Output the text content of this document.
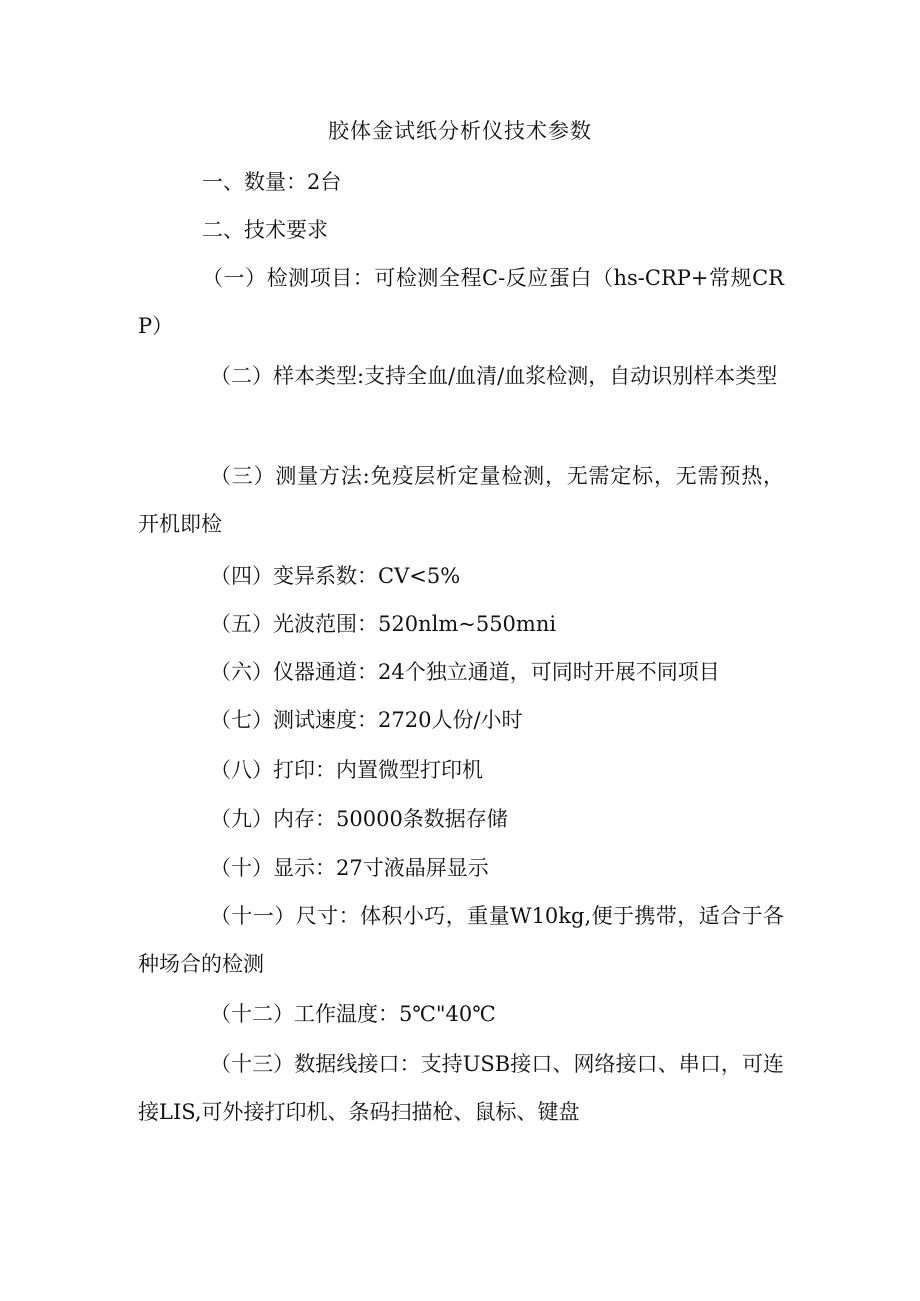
胶体金试纸分析仪技术参数
一、数量：2台
二、技术要求
（一）检测项目：可检测全程C-反应蛋白（hs-CRP+常规CRP）
（二）样本类型:支持全血/血清/血浆检测，自动识别样本类型
（三）测量方法:免疫层析定量检测，无需定标，无需预热，开机即检
（四）变异系数：CV<5%
（五）光波范围：520nlm~550mni
（六）仪器通道：24个独立通道，可同时开展不同项目
（七）测试速度：2720人份/小时
（八）打印：内置微型打印机
（九）内存：50000条数据存储
（十）显示：27寸液晶屏显示
（十一）尺寸：体积小巧，重量W10kg,便于携带，适合于各种场合的检测
（十二）工作温度：5℃"40℃
（十三）数据线接口：支持USB接口、网络接口、串口，可连接LIS,可外接打印机、条码扫描枪、鼠标、键盘
